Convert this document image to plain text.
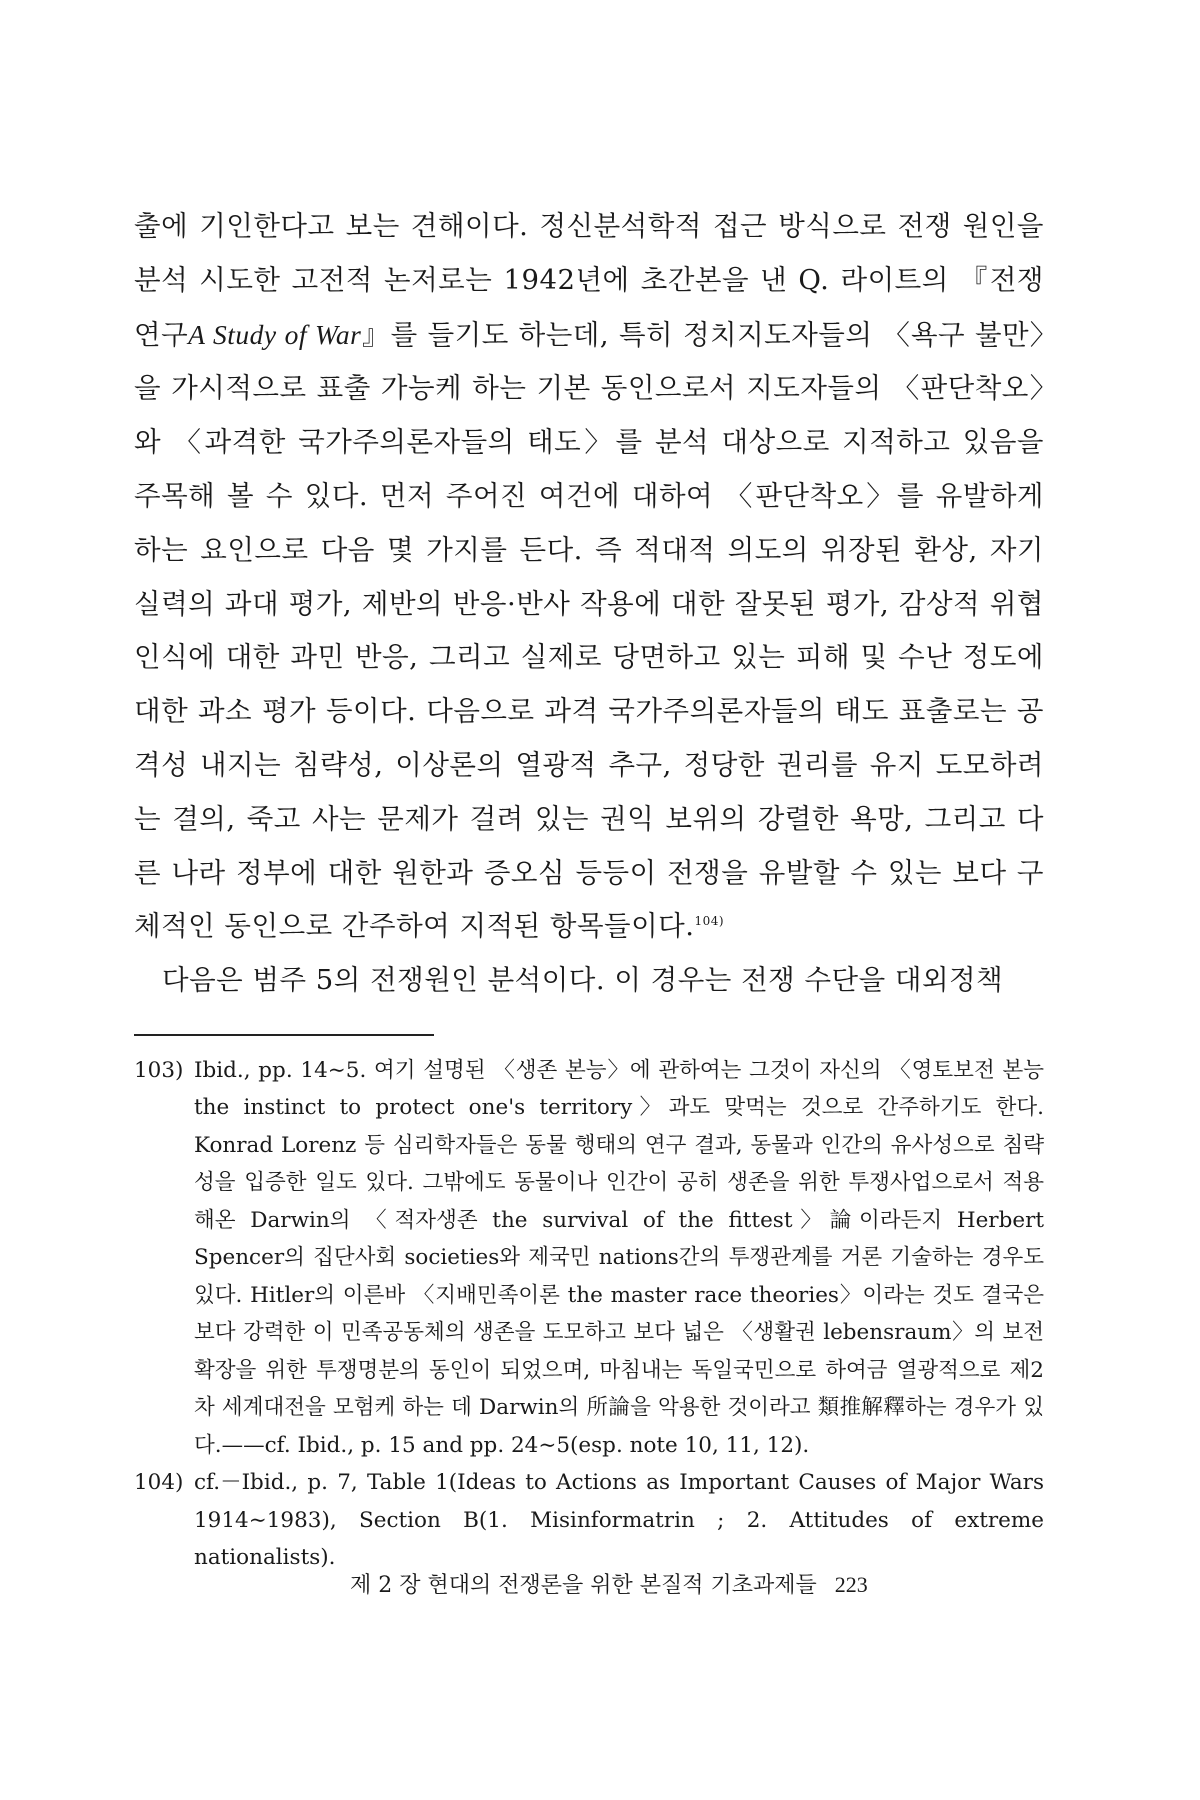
출에 기인한다고 보는 견해이다. 정신분석학적 접근 방식으로 전쟁 원인을 분석 시도한 고전적 논저로는 1942년에 초간본을 낸 Q. 라이트의 『전쟁 연구A Study of War』를 들기도 하는데, 특히 정치지도자들의 〈욕구 불만〉을 가시적으로 표출 가능케 하는 기본 동인으로서 지도자들의 〈판단착오〉와 〈과격한 국가주의론자들의 태도〉를 분석 대상으로 지적하고 있음을 주목해 볼 수 있다. 먼저 주어진 여건에 대하여 〈판단착오〉를 유발하게 하는 요인으로 다음 몇 가지를 든다. 즉 적대적 의도의 위장된 환상, 자기 실력의 과대 평가, 제반의 반응·반사 작용에 대한 잘못된 평가, 감상적 위협 인식에 대한 과민 반응, 그리고 실제로 당면하고 있는 피해 및 수난 정도에 대한 과소 평가 등이다. 다음으로 과격 국가주의론자들의 태도 표출로는 공격성 내지는 침략성, 이상론의 열광적 추구, 정당한 권리를 유지 도모하려는 결의, 죽고 사는 문제가 걸려 있는 권익 보위의 강렬한 욕망, 그리고 다른 나라 정부에 대한 원한과 증오심 등등이 전쟁을 유발할 수 있는 보다 구체적인 동인으로 간주하여 지적된 항목들이다.$^{104)}$

다음은 범주 5의 전쟁원인 분석이다. 이 경우는 전쟁 수단을 대외정책

103) Ibid., pp. 14∼5. 여기 설명된 〈생존 본능〉에 관하여는 그것이 자신의 〈영토보전 본능 the instinct to protect one's territory〉과도 맞먹는 것으로 간주하기도 한다. Konrad Lorenz 등 심리학자들은 동물 행태의 연구 결과, 동물과 인간의 유사성으로 침략성을 입증한 일도 있다. 그밖에도 동물이나 인간이 공히 생존을 위한 투쟁사업으로서 적용해온 Darwin의 〈적자생존 the survival of the fittest〉論이라든지 Herbert Spencer의 집단사회 societies와 제국민 nations간의 투쟁관계를 거론 기술하는 경우도 있다. Hitler의 이른바 〈지배민족이론 the master race theories〉이라는 것도 결국은 보다 강력한 이 민족공동체의 생존을 도모하고 보다 넓은 〈생활권 lebensraum〉의 보전 확장을 위한 투쟁명분의 동인이 되었으며, 마침내는 독일국민으로 하여금 열광적으로 제2차 세계대전을 모험케 하는 데 Darwin의 所論을 악용한 것이라고 類推解釋하는 경우가 있다.——cf. Ibid., p. 15 and pp. 24∼5(esp. note 10, 11, 12).
104) cf.－Ibid., p. 7, Table 1(Ideas to Actions as Important Causes of Major Wars 1914∼1983), Section B(1. Misinformatrin ; 2. Attitudes of extreme nationalists).
제 2 장 현대의 전쟁론을 위한 본질적 기초과제들 223
